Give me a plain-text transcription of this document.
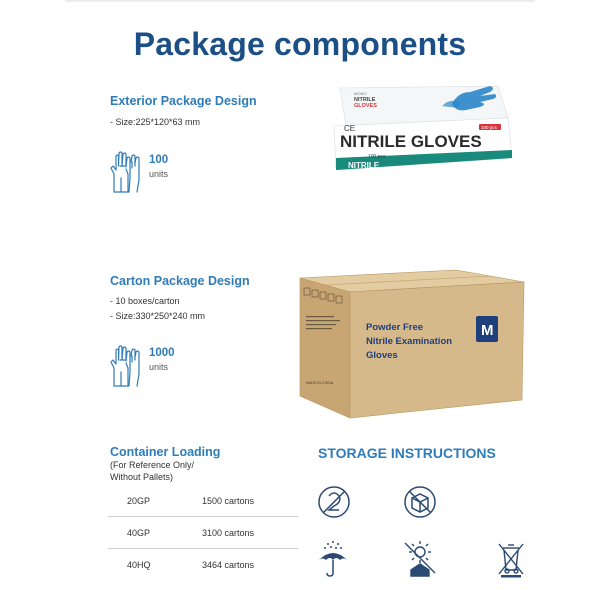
Package components
Exterior Package Design
- Size:225*120*63 mm
100
units
MONO
NITRILE
GLOVES
CE	100 pcs
NITRILE GLOVES
100 pcs
NITRILE
Carton Package Design
- 10 boxes/carton
- Size:330*250*240 mm
1000
units
MADE IN CHINA
Powder Free
Nitrile Examination
Gloves
M
Container Loading
(For Reference Only/
Without Pallets)
20GP	1500 cartons
40GP	3100 cartons
40HQ	3464 cartons
STORAGE INSTRUCTIONS
